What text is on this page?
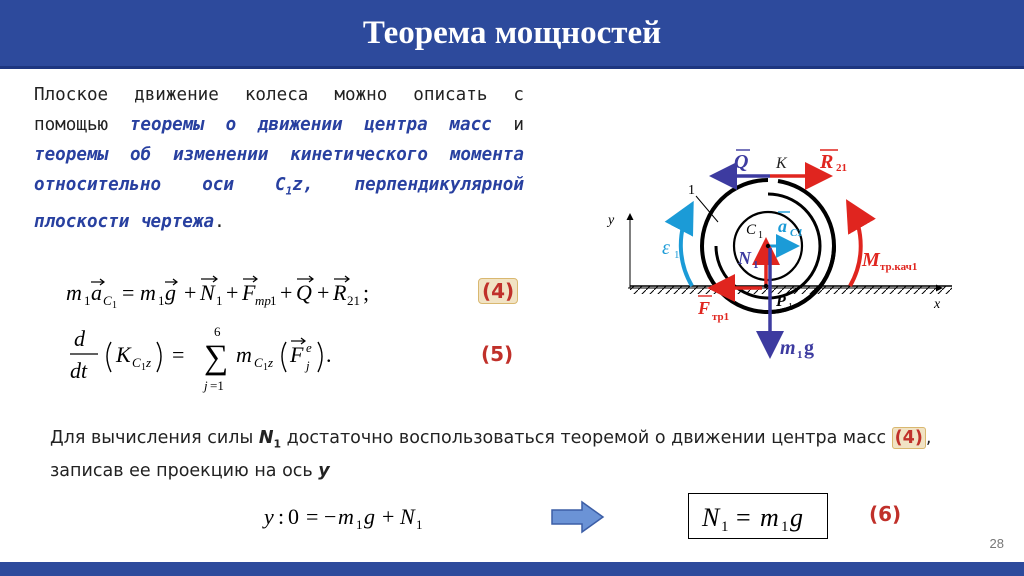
Теорема мощностей
Плоское движение колеса можно описать с помощью теоремы о движении центра масс и теоремы об изменении кинетического момента относительно оси $C_1z$, перпендикулярной плоскости чертежа.
m 1 a C 1
= m 1 g + N 1 + F тр 1 + Q + R 21 ;	(4)
d
dt
K C 1 z =
6
∑
j =1
m C 1 z F e
j .	(5)
Для вычисления силы $N_1$ достаточно воспользоваться теоремой о движении центра масс (4) , записав ее проекцию на ось y
y : 0 = − m 1 g + N 1	N 1 = m 1 g	(6)
Q K R 21
1
y
x
C 1 a C1
ε 1	N 1	M тр.кач1
F тр1
P 1
m 1 g
28
